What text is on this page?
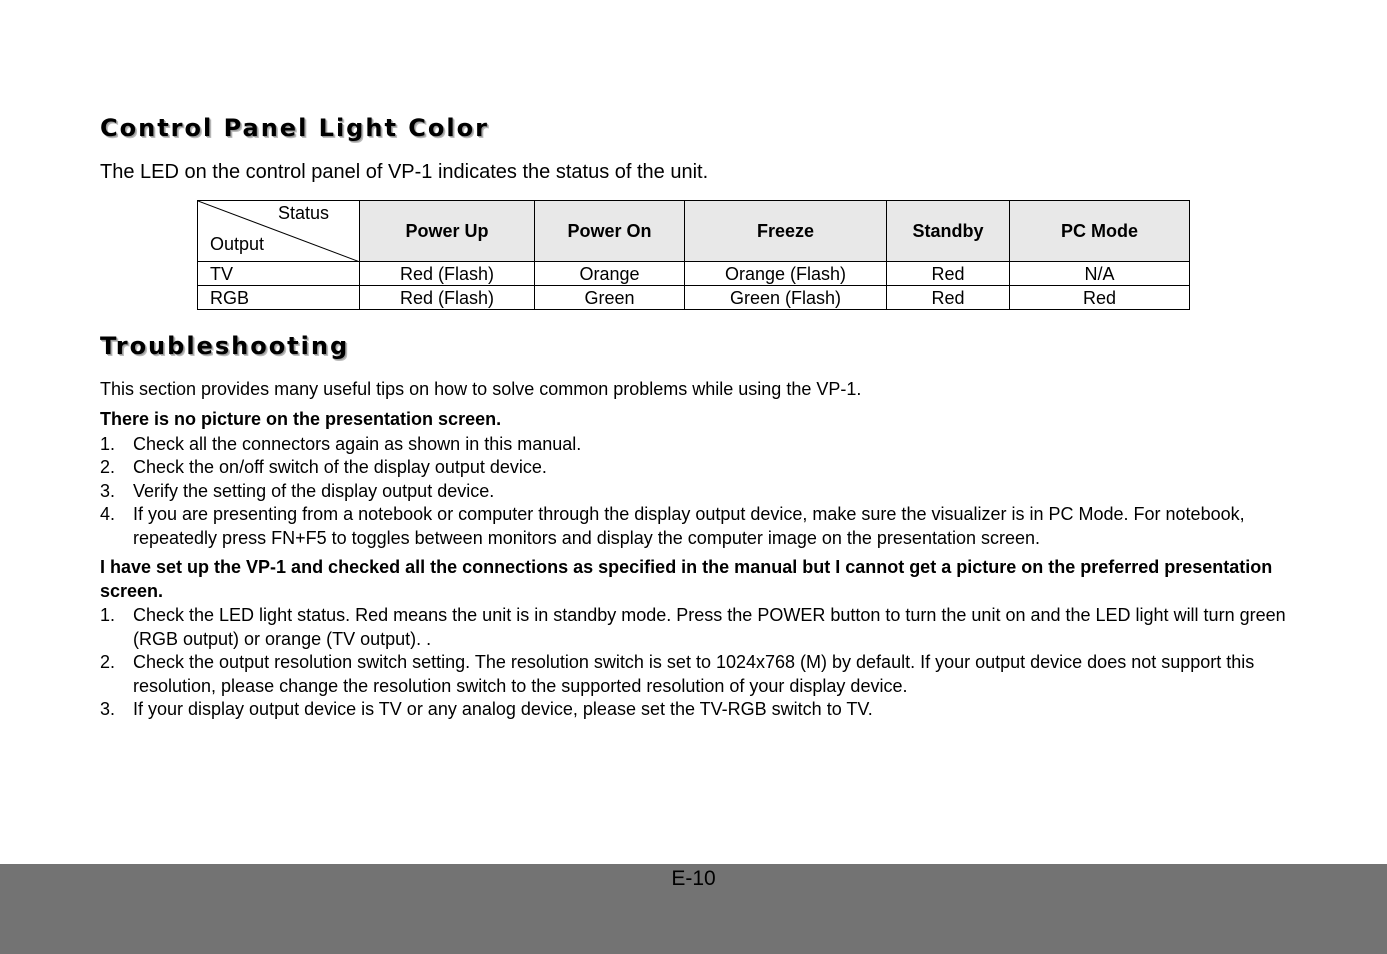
Control Panel Light Color

The LED on the control panel of VP-1 indicates the status of the unit.

Status
Output	Power Up	Power On	Freeze	Standby	PC Mode
TV	Red (Flash)	Orange	Orange (Flash)	Red	N/A
RGB	Red (Flash)	Green	Green (Flash)	Red	Red
Troubleshooting

This section provides many useful tips on how to solve common problems while using the VP-1.

There is no picture on the presentation screen.

1. Check all the connectors again as shown in this manual.
2. Check the on/off switch of the display output device.
3. Verify the setting of the display output device.
4. If you are presenting from a notebook or computer through the display output device, make sure the visualizer is in PC Mode. For notebook, repeatedly press FN+F5 to toggles between monitors and display the computer image on the presentation screen.

I have set up the VP-1 and checked all the connections as specified in the manual but I cannot get a picture on the preferred presentation screen.

1. Check the LED light status. Red means the unit is in standby mode. Press the POWER button to turn the unit on and the LED light will turn green (RGB output) or orange (TV output). .
2. Check the output resolution switch setting. The resolution switch is set to 1024x768 (M) by default. If your output device does not support this resolution, please change the resolution switch to the supported resolution of your display device.
3. If your display output device is TV or any analog device, please set the TV-RGB switch to TV.
E-10
